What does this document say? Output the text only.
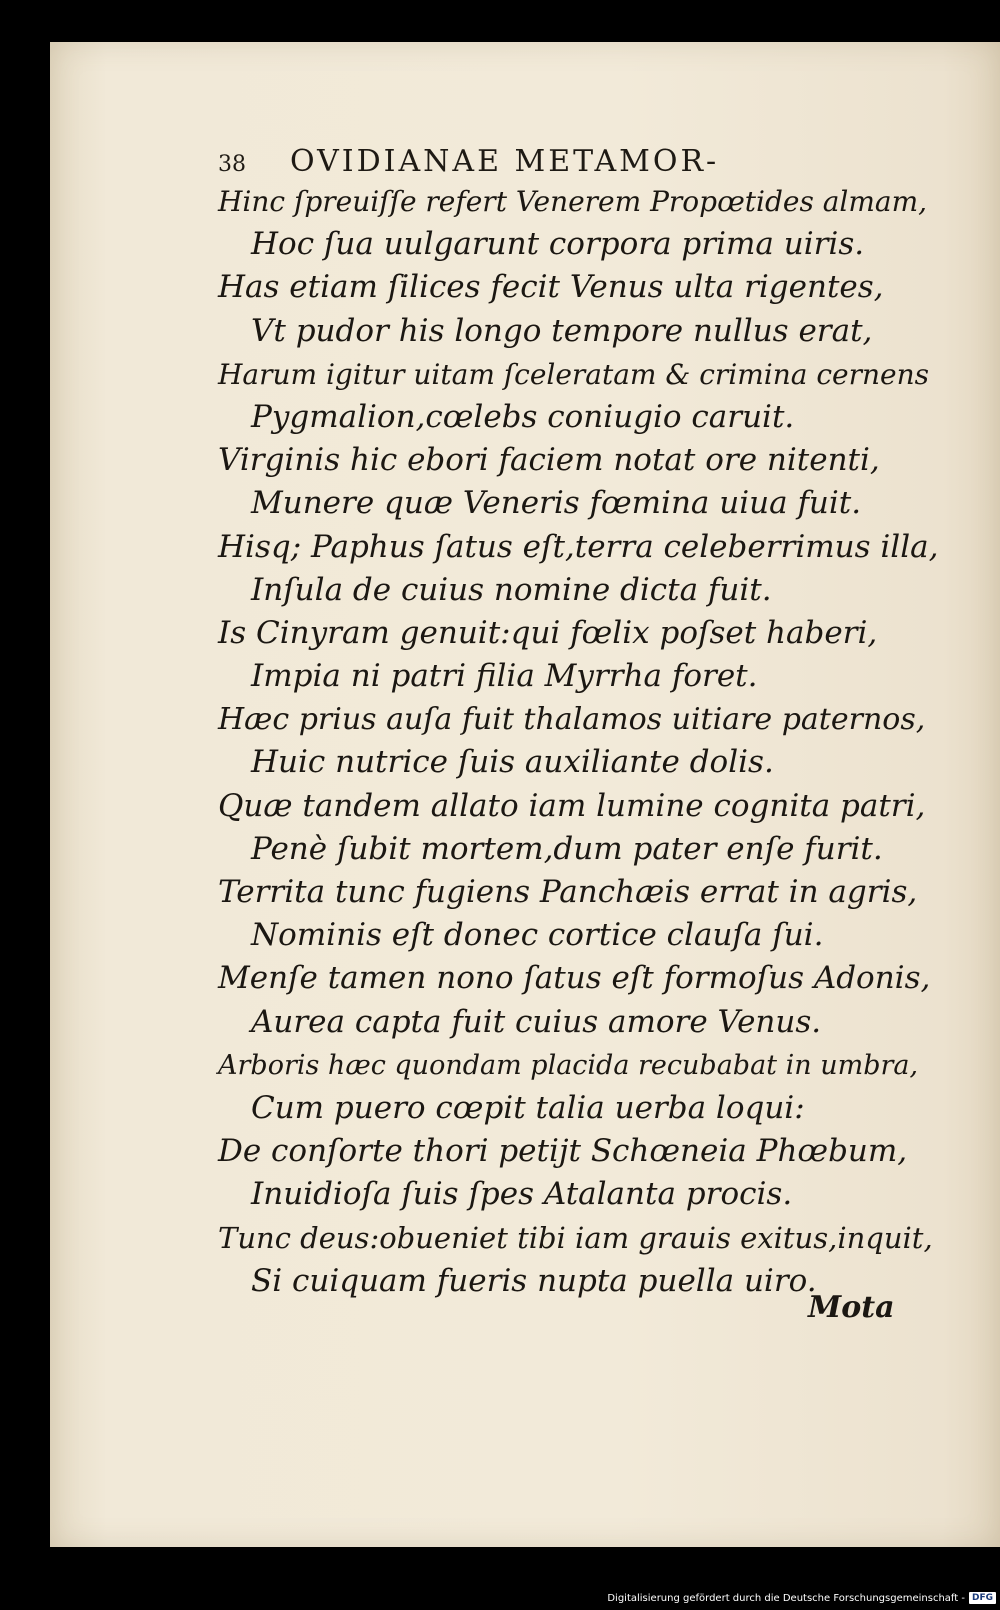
38	OVIDIANAE METAMOR-
Hinc ſpreuiſſe refert Venerem Propœtides almam,
Hoc ſua uulgarunt corpora prima uiris.
Has etiam ſilices fecit Venus ulta rigentes,
Vt pudor his longo tempore nullus erat,
Harum igitur uitam ſceleratam & crimina cernens
Pygmalion,cœlebs coniugio caruit.
Virginis hic ebori faciem notat ore nitenti,
Munere quæ Veneris fœmina uiua fuit.
Hisq; Paphus ſatus eſt,terra celeberrimus illa,
Inſula de cuius nomine dicta fuit.
Is Cinyram genuit:qui fœlix poſset haberi,
Impia ni patri filia Myrrha foret.
Hæc prius auſa fuit thalamos uitiare paternos,
Huic nutrice ſuis auxiliante dolis.
Quæ tandem allato iam lumine cognita patri,
Penè ſubit mortem,dum pater enſe furit.
Territa tunc fugiens Panchæis errat in agris,
Nominis eſt donec cortice clauſa ſui.
Menſe tamen nono ſatus eſt formoſus Adonis,
Aurea capta fuit cuius amore Venus.
Arboris hæc quondam placida recubabat in umbra,
Cum puero cœpit talia uerba loqui:
De conſorte thori petijt Schœneia Phœbum,
Inuidioſa ſuis ſpes Atalanta procis.
Tunc deus:obueniet tibi iam grauis exitus,inquit,
Si cuiquam fueris nupta puella uiro.
Mota
Digitalisierung gefördert durch die Deutsche Forschungsgemeinschaft - DFG
